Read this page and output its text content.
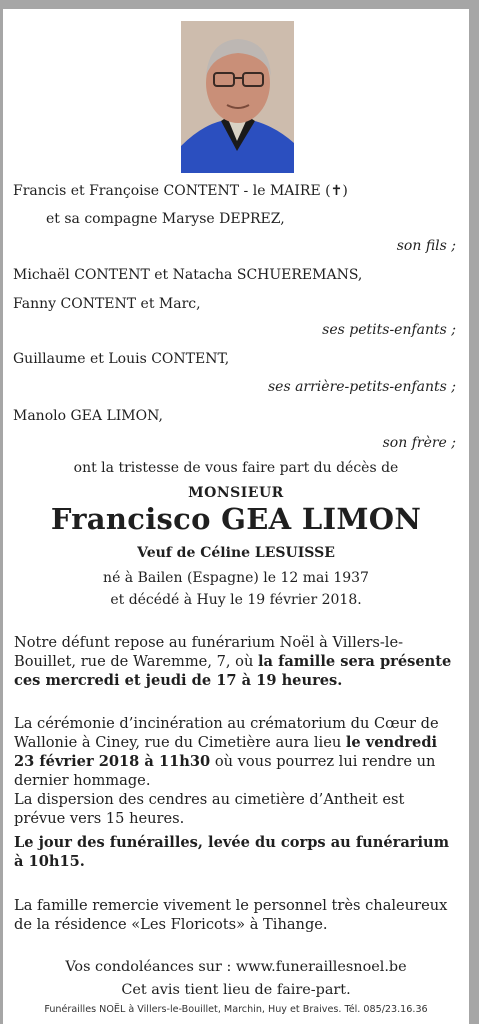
Francis et Françoise CONTENT - le MAIRE (✝)
et sa compagne Maryse DEPREZ,
son fils ;
Michaël CONTENT et Natacha SCHUEREMANS,
Fanny CONTENT et Marc,
ses petits-enfants ;
Guillaume et Louis CONTENT,
ses arrière-petits-enfants ;
Manolo GEA LIMON,
son frère ;
ont la tristesse de vous faire part du décès de
MONSIEUR
Francisco GEA LIMON
Veuf de Céline LESUISSE
né à Bailen (Espagne) le 12 mai 1937
et décédé à Huy le 19 février 2018.
Notre défunt repose au funérarium Noël à Villers-le-Bouillet, rue de Waremme, 7, où la famille sera présente ces mercredi et jeudi de 17 à 19 heures.
La cérémonie d’incinération au crématorium du Cœur de Wallonie à Ciney, rue du Cimetière aura lieu le vendredi 23 février 2018 à 11h30 où vous pourrez lui rendre un dernier hommage.
La dispersion des cendres au cimetière d’Antheit est prévue vers 15 heures.
Le jour des funérailles, levée du corps au funérarium à 10h15.
La famille remercie vivement le personnel très chaleureux de la résidence «Les Floricots» à Tihange.
Vos condoléances sur : www.funeraillesnoel.be
Cet avis tient lieu de faire-part.
Funérailles NOËL à Villers-le-Bouillet, Marchin, Huy et Braives. Tél. 085/23.16.36
